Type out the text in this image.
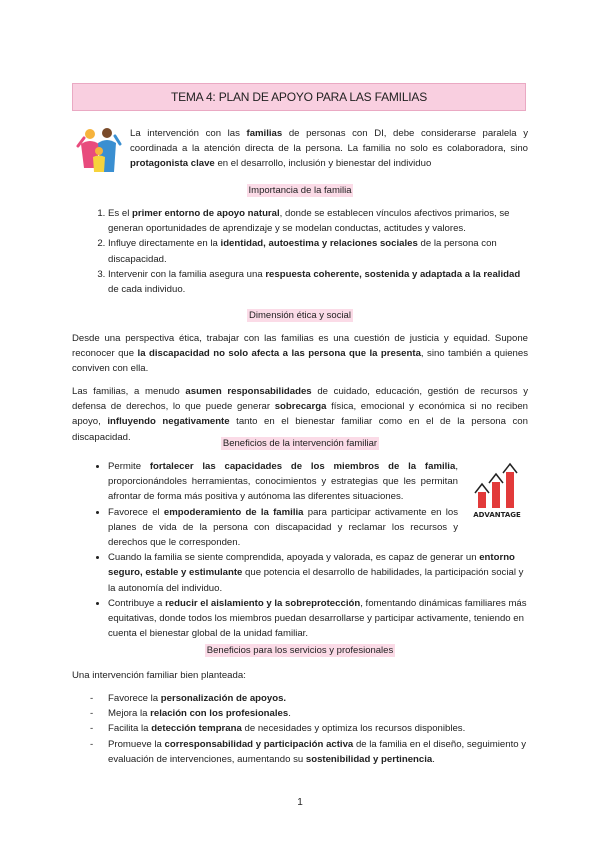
TEMA 4: PLAN DE APOYO PARA LAS FAMILIAS
La intervención con las familias de personas con DI, debe considerarse paralela y coordinada a la atención directa de la persona. La familia no solo es colaboradora, sino protagonista clave en el desarrollo, inclusión y bienestar del individuo
Importancia de la familia
1. Es el primer entorno de apoyo natural, donde se establecen vínculos afectivos primarios, se generan oportunidades de aprendizaje y se modelan conductas, actitudes y valores.
2. Influye directamente en la identidad, autoestima y relaciones sociales de la persona con discapacidad.
3. Intervenir con la familia asegura una respuesta coherente, sostenida y adaptada a la realidad de cada individuo.
Dimensión ética y social
Desde una perspectiva ética, trabajar con las familias es una cuestión de justicia y equidad. Supone reconocer que la discapacidad no solo afecta a las persona que la presenta, sino también a quienes conviven con ella.
Las familias, a menudo asumen responsabilidades de cuidado, educación, gestión de recursos y defensa de derechos, lo que puede generar sobrecarga física, emocional y económica si no reciben apoyo, influyendo negativamente tanto en el bienestar familiar como en el de la persona con discapacidad.
Beneficios de la intervención familiar
ADVANTAGE
• Permite fortalecer las capacidades de los miembros de la familia, proporcionándoles herramientas, conocimientos y estrategias que les permitan afrontar de forma más positiva y autónoma las diferentes situaciones.
• Favorece el empoderamiento de la familia para participar activamente en los planes de vida de la persona con discapacidad y reclamar los recursos y derechos que le corresponden.
• Cuando la familia se siente comprendida, apoyada y valorada, es capaz de generar un entorno seguro, estable y estimulante que potencia el desarrollo de habilidades, la participación social y la autonomía del individuo.
• Contribuye a reducir el aislamiento y la sobreprotección, fomentando dinámicas familiares más equitativas, donde todos los miembros puedan desarrollarse y participar activamente, teniendo en cuenta el bienestar global de la unidad familiar.
Beneficios para los servicios y profesionales
Una intervención familiar bien planteada:
- Favorece la personalización de apoyos.
- Mejora la relación con los profesionales.
- Facilita la detección temprana de necesidades y optimiza los recursos disponibles.
- Promueve la corresponsabilidad y participación activa de la familia en el diseño, seguimiento y evaluación de intervenciones, aumentando su sostenibilidad y pertinencia.
1
